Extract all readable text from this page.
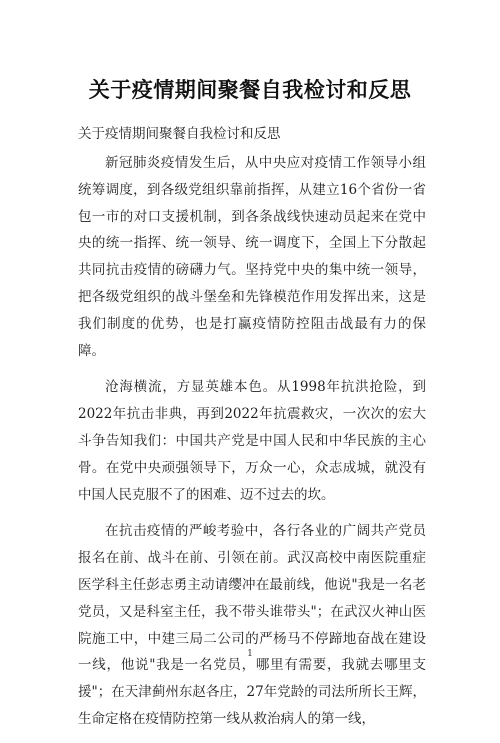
关于疫情期间聚餐自我检讨和反思
关于疫情期间聚餐自我检讨和反思

新冠肺炎疫情发生后，从中央应对疫情工作领导小组统筹调度，到各级党组织靠前指挥，从建立16个省份一省包一市的对口支援机制，到各条战线快速动员起来在党中央的统一指挥、统一领导、统一调度下，全国上下分散起共同抗击疫情的磅礴力气。坚持党中央的集中统一领导，把各级党组织的战斗堡垒和先锋模范作用发挥出来，这是我们制度的优势，也是打赢疫情防控阻击战最有力的保障。

沧海横流，方显英雄本色。从1998年抗洪抢险，到2022年抗击非典，再到2022年抗震救灾，一次次的宏大斗争告知我们：中国共产党是中国人民和中华民族的主心骨。在党中央顽强领导下，万众一心，众志成城，就没有中国人民克服不了的困难、迈不过去的坎。

在抗击疫情的严峻考验中，各行各业的广阔共产党员报名在前、战斗在前、引领在前。武汉高校中南医院重症医学科主任彭志勇主动请缨冲在最前线，他说"我是一名老党员，又是科室主任，我不带头谁带头"；在武汉火神山医院施工中，中建三局二公司的严杨马不停蹄地奋战在建设一线，他说"我是一名党员，哪里有需要，我就去哪里支援"；在天津蓟州东赵各庄，27年党龄的司法所所长王辉，生命定格在疫情防控第一线从救治病人的第一线，

1
